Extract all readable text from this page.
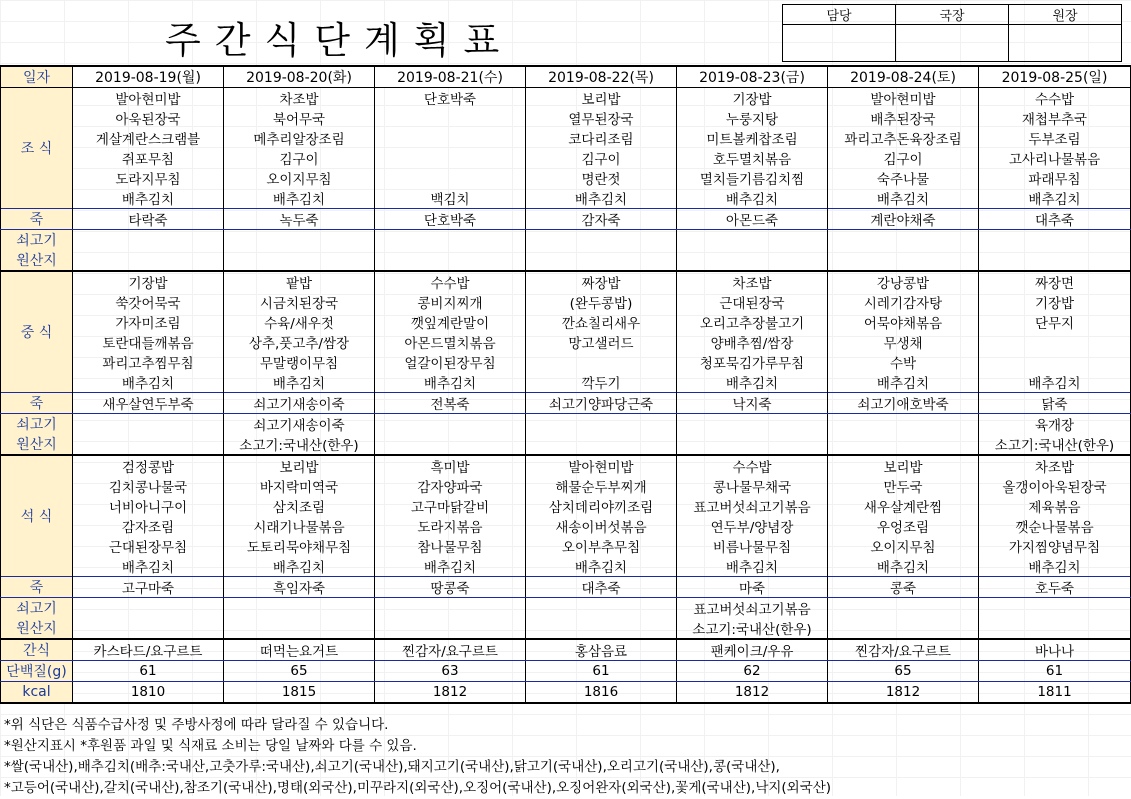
주간식단계획표
담당	국장	원장

일자	2019-08-19(월)	2019-08-20(화)	2019-08-21(수)	2019-08-22(목)	2019-08-23(금)	2019-08-24(토)	2019-08-25(일)
조 식	발아현미밥	차조밥	단호박죽	보리밥	기장밥	발아현미밥	수수밥
	아욱된장국	북어무국		열무된장국	누룽지탕	배추된장국	재첩부추국
	게살계란스크램블	메추리알장조림		코다리조림	미트볼케찹조림	꽈리고추돈육장조림	두부조림
	쥐포무침	김구이		김구이	호두멸치볶음	김구이	고사리나물볶음
	도라지무침	오이지무침		명란젓	멸치들기름김치찜	숙주나물	파래무침
	배추김치	배추김치	백김치	배추김치	배추김치	배추김치	배추김치
죽	타락죽	녹두죽	단호박죽	감자죽	아몬드죽	계란야채죽	대추죽
쇠고기							
원산지							
중 식	기장밥	팥밥	수수밥	짜장밥	차조밥	강낭콩밥	짜장면
	쑥갓어묵국	시금치된장국	콩비지찌개	(완두콩밥)	근대된장국	시레기감자탕	기장밥
	가자미조림	수육/새우젓	깻잎계란말이	깐쇼칠리새우	오리고추장불고기	어묵야채볶음	단무지
	토란대들깨볶음	상추,풋고추/쌈장	아몬드멸치볶음	망고샐러드	양배추찜/쌈장	무생채	
	꽈리고추찜무침	무말랭이무침	얼갈이된장무침		청포묵김가루무침	수박	
	배추김치	배추김치	배추김치	깍두기	배추김치	배추김치	배추김치
죽	새우살연두부죽	쇠고기새송이죽	전복죽	쇠고기양파당근죽	낙지죽	쇠고기애호박죽	닭죽
쇠고기		쇠고기새송이죽					육개장
원산지		소고기:국내산(한우)					소고기:국내산(한우)
석 식	검정콩밥	보리밥	흑미밥	발아현미밥	수수밥	보리밥	차조밥
	김치콩나물국	바지락미역국	감자양파국	해물순두부찌개	콩나물무채국	만두국	올갱이아욱된장국
	너비아니구이	삼치조림	고구마닭갈비	삼치데리야끼조림	표고버섯쇠고기볶음	새우살계란찜	제육볶음
	감자조림	시래기나물볶음	도라지볶음	새송이버섯볶음	연두부/양념장	우엉조림	깻순나물볶음
	근대된장무침	도토리묵야채무침	참나물무침	오이부추무침	비름나물무침	오이지무침	가지찜양념무침
	배추김치	배추김치	배추김치	배추김치	배추김치	배추김치	배추김치
죽	고구마죽	흑임자죽	땅콩죽	대추죽	마죽	콩죽	호두죽
쇠고기					표고버섯쇠고기볶음		
원산지					소고기:국내산(한우)		
간식	카스타드/요구르트	떠먹는요거트	찐감자/요구르트	홍삼음료	팬케이크/우유	찐감자/요구르트	바나나
단백질(g)	61	65	63	61	62	65	61
kcal	1810	1815	1812	1816	1812	1812	1811
*위 식단은 식품수급사정 및 주방사정에 따라 달라질 수 있습니다.
*원산지표시 *후원품 과일 및 식재료 소비는 당일 날짜와 다를 수 있음.
*쌀(국내산),배추김치(배추:국내산,고춧가루:국내산),쇠고기(국내산),돼지고기(국내산),닭고기(국내산),오리고기(국내산),콩(국내산),
*고등어(국내산),갈치(국내산),참조기(국내산),명태(외국산),미꾸라지(외국산),오징어(국내산),오징어완자(외국산),꽃게(국내산),낙지(외국산)
